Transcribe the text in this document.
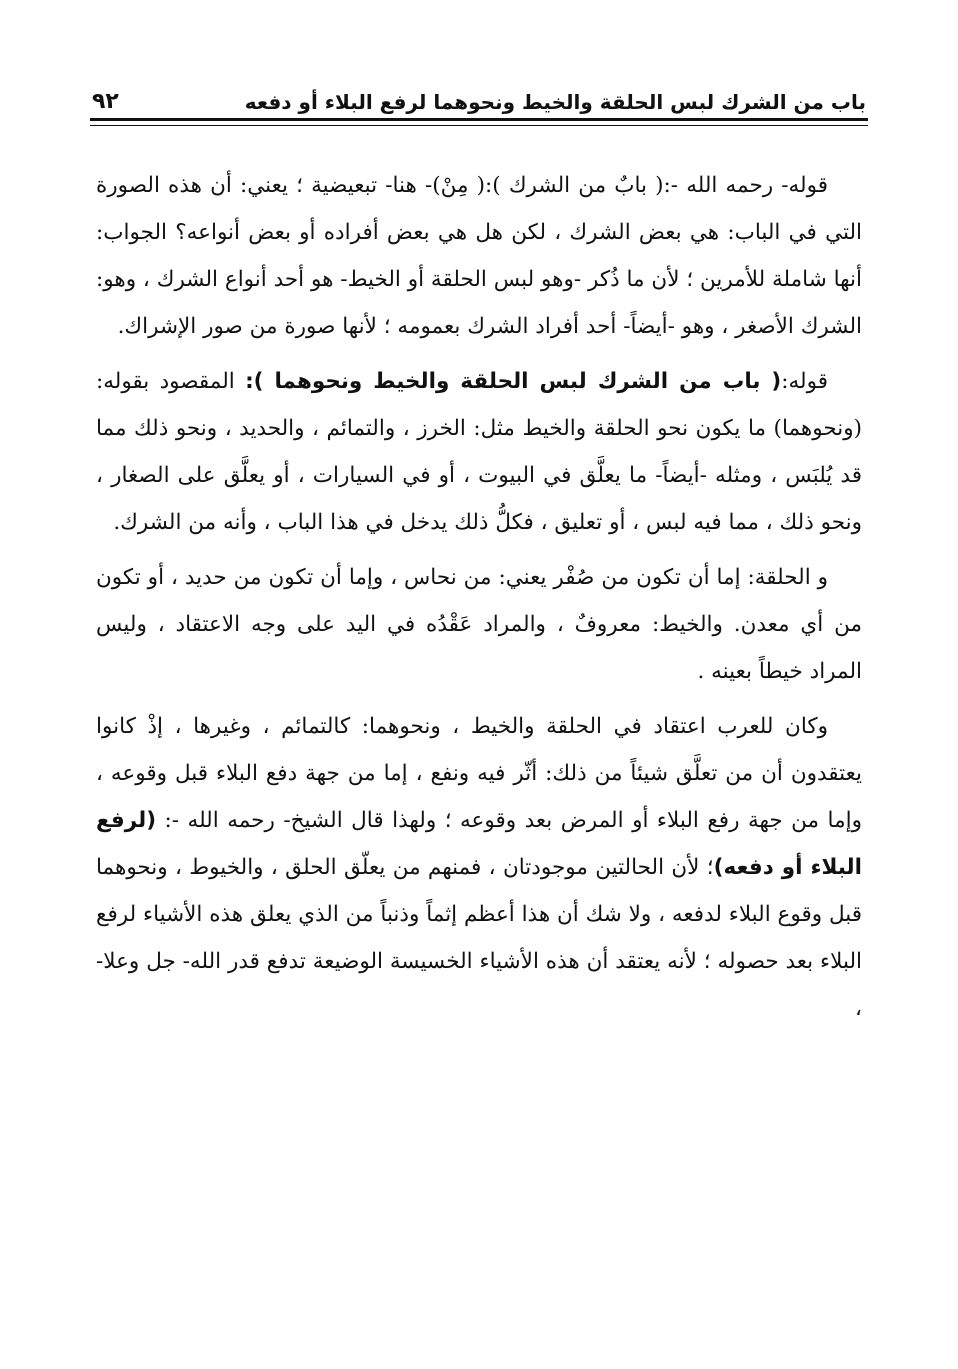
باب من الشرك لبس الحلقة والخيط ونحوهما لرفع البلاء أو دفعه
٩٢

قوله- رحمه الله -:( بابٌ من الشرك ):( مِنْ)- هنا- تبعيضية ؛ يعني: أن هذه الصورة التي في الباب: هي بعض الشرك ، لكن هل هي بعض أفراده أو بعض أنواعه؟ الجواب: أنها شاملة للأمرين ؛ لأن ما ذُكر -وهو لبس الحلقة أو الخيط- هو أحد أنواع الشرك ، وهو: الشرك الأصغر ، وهو -أيضاً- أحد أفراد الشرك بعمومه ؛ لأنها صورة من صور الإشراك.

قوله:( باب من الشرك لبس الحلقة والخيط ونحوهما ): المقصود بقوله: (ونحوهما) ما يكون نحو الحلقة والخيط مثل: الخرز ، والتمائم ، والحديد ، ونحو ذلك مما قد يُلبَس ، ومثله -أيضاً- ما يعلَّق في البيوت ، أو في السيارات ، أو يعلَّق على الصغار ، ونحو ذلك ، مما فيه لبس ، أو تعليق ، فكلُّ ذلك يدخل في هذا الباب ، وأنه من الشرك.

و الحلقة: إما أن تكون من صُفْر يعني: من نحاس ، وإما أن تكون من حديد ، أو تكون من أي معدن. والخيط: معروفٌ ، والمراد عَقْدُه في اليد على وجه الاعتقاد ، وليس المراد خيطاً بعينه .

وكان للعرب اعتقاد في الحلقة والخيط ، ونحوهما: كالتمائم ، وغيرها ، إذْ كانوا يعتقدون أن من تعلَّق شيئاً من ذلك: أثّر فيه ونفع ، إما من جهة دفع البلاء قبل وقوعه ، وإما من جهة رفع البلاء أو المرض بعد وقوعه ؛ ولهذا قال الشيخ- رحمه الله -: (لرفع البلاء أو دفعه)؛ لأن الحالتين موجودتان ، فمنهم من يعلّق الحلق ، والخيوط ، ونحوهما قبل وقوع البلاء لدفعه ، ولا شك أن هذا أعظم إثماً وذنباً من الذي يعلق هذه الأشياء لرفع البلاء بعد حصوله ؛ لأنه يعتقد أن هذه الأشياء الخسيسة الوضيعة تدفع قدر الله- جل وعلا- ،
